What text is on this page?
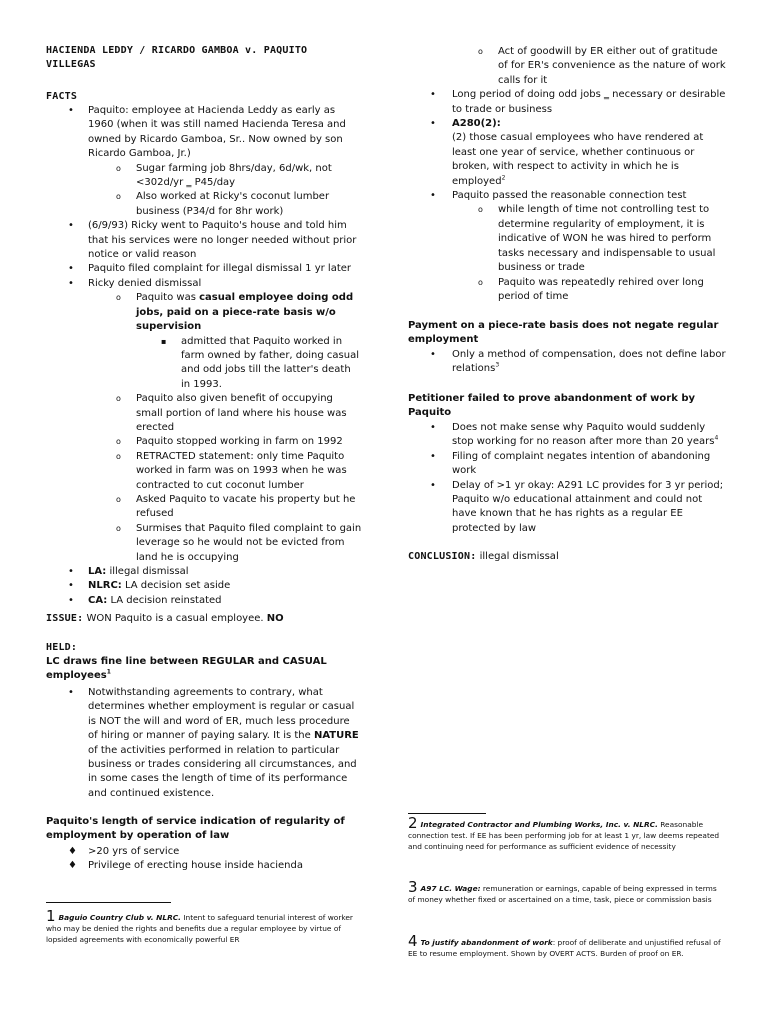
HACIENDA LEDDY / RICARDO GAMBOA v. PAQUITO
VILLEGAS
FACTS
• Paquito: employee at Hacienda Leddy as early as 1960 (when it was still named Hacienda Teresa and owned by Ricardo Gamboa, Sr.. Now owned by son Ricardo Gamboa, Jr.)
o Sugar farming job 8hrs/day, 6d/wk, not <302d/yr ‗ P45/day
o Also worked at Ricky's coconut lumber business (P34/d for 8hr work)
• (6/9/93) Ricky went to Paquito's house and told him that his services were no longer needed without prior notice or valid reason
• Paquito filed complaint for illegal dismissal 1 yr later
• Ricky denied dismissal
o Paquito was casual employee doing odd jobs, paid on a piece-rate basis w/o supervision
▪ admitted that Paquito worked in farm owned by father, doing casual and odd jobs till the latter's death in 1993.
o Paquito also given benefit of occupying small portion of land where his house was erected
o Paquito stopped working in farm on 1992
o RETRACTED statement: only time Paquito worked in farm was on 1993 when he was contracted to cut coconut lumber
o Asked Paquito to vacate his property but he refused
o Surmises that Paquito filed complaint to gain leverage so he would not be evicted from land he is occupying
• LA: illegal dismissal
• NLRC: LA decision set aside
• CA: LA decision reinstated
ISSUE: WON Paquito is a casual employee. NO
HELD:
LC draws fine line between REGULAR and CASUAL employees$^1$
• Notwithstanding agreements to contrary, what determines whether employment is regular or casual is NOT the will and word of ER, much less procedure of hiring or manner of paying salary. It is the NATURE of the activities performed in relation to particular business or trades considering all circumstances, and in some cases the length of time of its performance and continued existence.
Paquito's length of service indication of regularity of employment by operation of law
♦ >20 yrs of service
♦ Privilege of erecting house inside hacienda
1 Baguio Country Club v. NLRC. Intent to safeguard tenurial interest of worker who may be denied the rights and benefits due a regular employee by virtue of lopsided agreements with economically powerful ER
o Act of goodwill by ER either out of gratitude of for ER's convenience as the nature of work calls for it
• Long period of doing odd jobs ‗ necessary or desirable to trade or business
• A280(2):
(2) those casual employees who have rendered at least one year of service, whether continuous or broken, with respect to activity in which he is employed$^2$
• Paquito passed the reasonable connection test
o while length of time not controlling test to determine regularity of employment, it is indicative of WON he was hired to perform tasks necessary and indispensable to usual business or trade
o Paquito was repeatedly rehired over long period of time
Payment on a piece-rate basis does not negate regular employment
• Only a method of compensation, does not define labor relations$^3$
Petitioner failed to prove abandonment of work by Paquito
• Does not make sense why Paquito would suddenly stop working for no reason after more than 20 years$^4$
• Filing of complaint negates intention of abandoning work
• Delay of >1 yr okay: A291 LC provides for 3 yr period; Paquito w/o educational attainment and could not have known that he has rights as a regular EE protected by law
CONCLUSION: illegal dismissal
2 Integrated Contractor and Plumbing Works, Inc. v. NLRC. Reasonable connection test. If EE has been performing job for at least 1 yr, law deems repeated and continuing need for performance as sufficient evidence of necessity
3 A97 LC. Wage: remuneration or earnings, capable of being expressed in terms of money whether fixed or ascertained on a time, task, piece or commission basis
4 To justify abandonment of work: proof of deliberate and unjustified refusal of EE to resume employment. Shown by OVERT ACTS. Burden of proof on ER.
